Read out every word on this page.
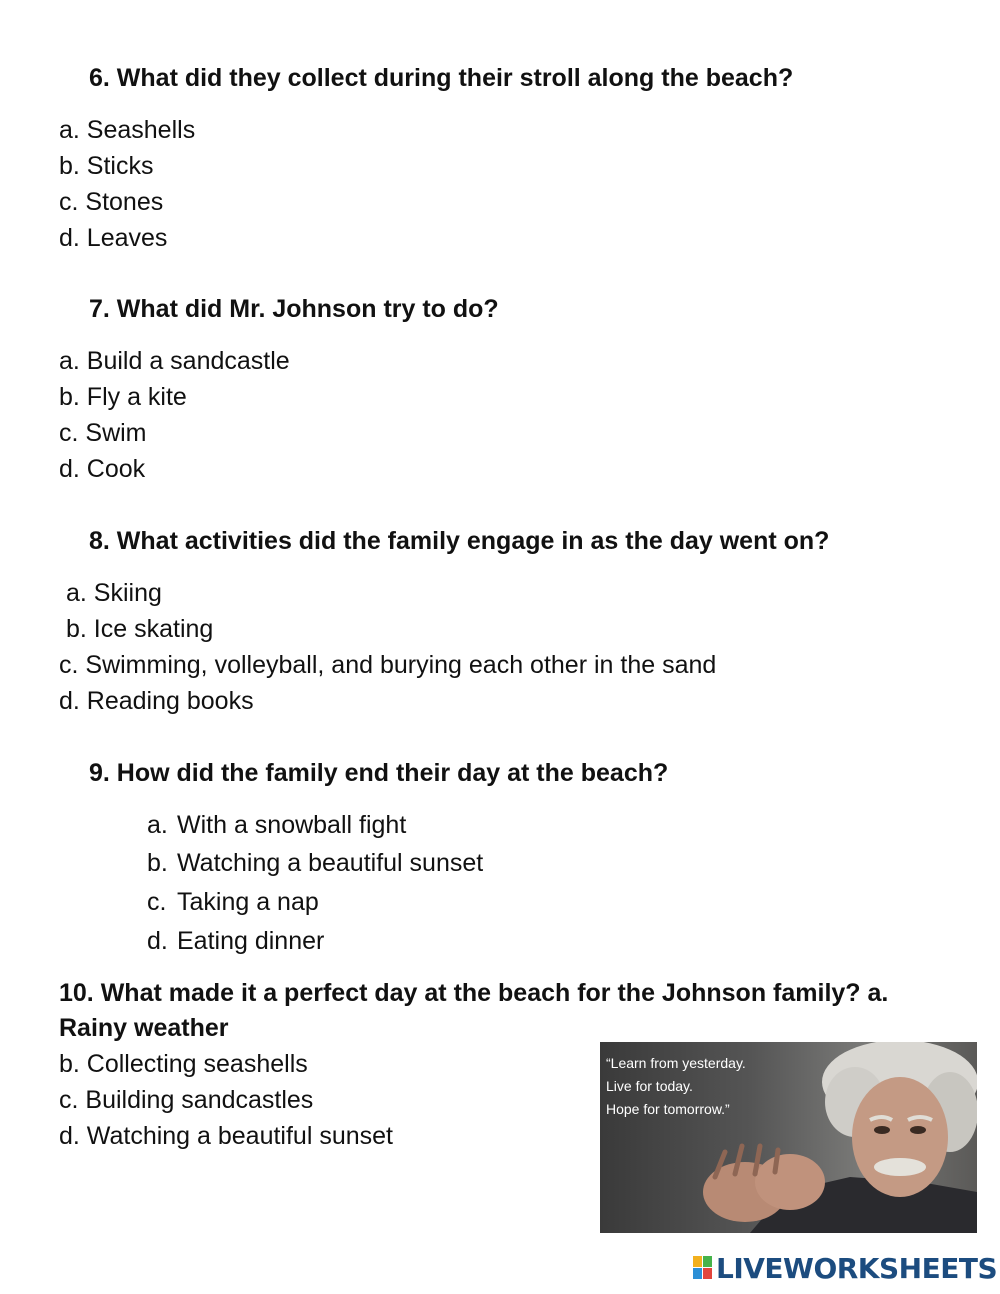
6. What did they collect during their stroll along the beach?

a. Seashells

b. Sticks

c. Stones

d. Leaves

7. What did Mr. Johnson try to do?

a. Build a sandcastle

b. Fly a kite

c. Swim

d. Cook

8. What activities did the family engage in as the day went on?

a. Skiing

b. Ice skating

c. Swimming, volleyball, and burying each other in the sand

d. Reading books

9. How did the family end their day at the beach?

a. With a snowball fight

b. Watching a beautiful sunset

c. Taking a nap

d. Eating dinner

10. What made it a perfect day at the beach for the Johnson family? a.

Rainy weather

b. Collecting seashells

c. Building sandcastles

d. Watching a beautiful sunset

“Learn from yesterday.
Live for today.
Hope for tomorrow.”
LIVEWORKSHEETS
